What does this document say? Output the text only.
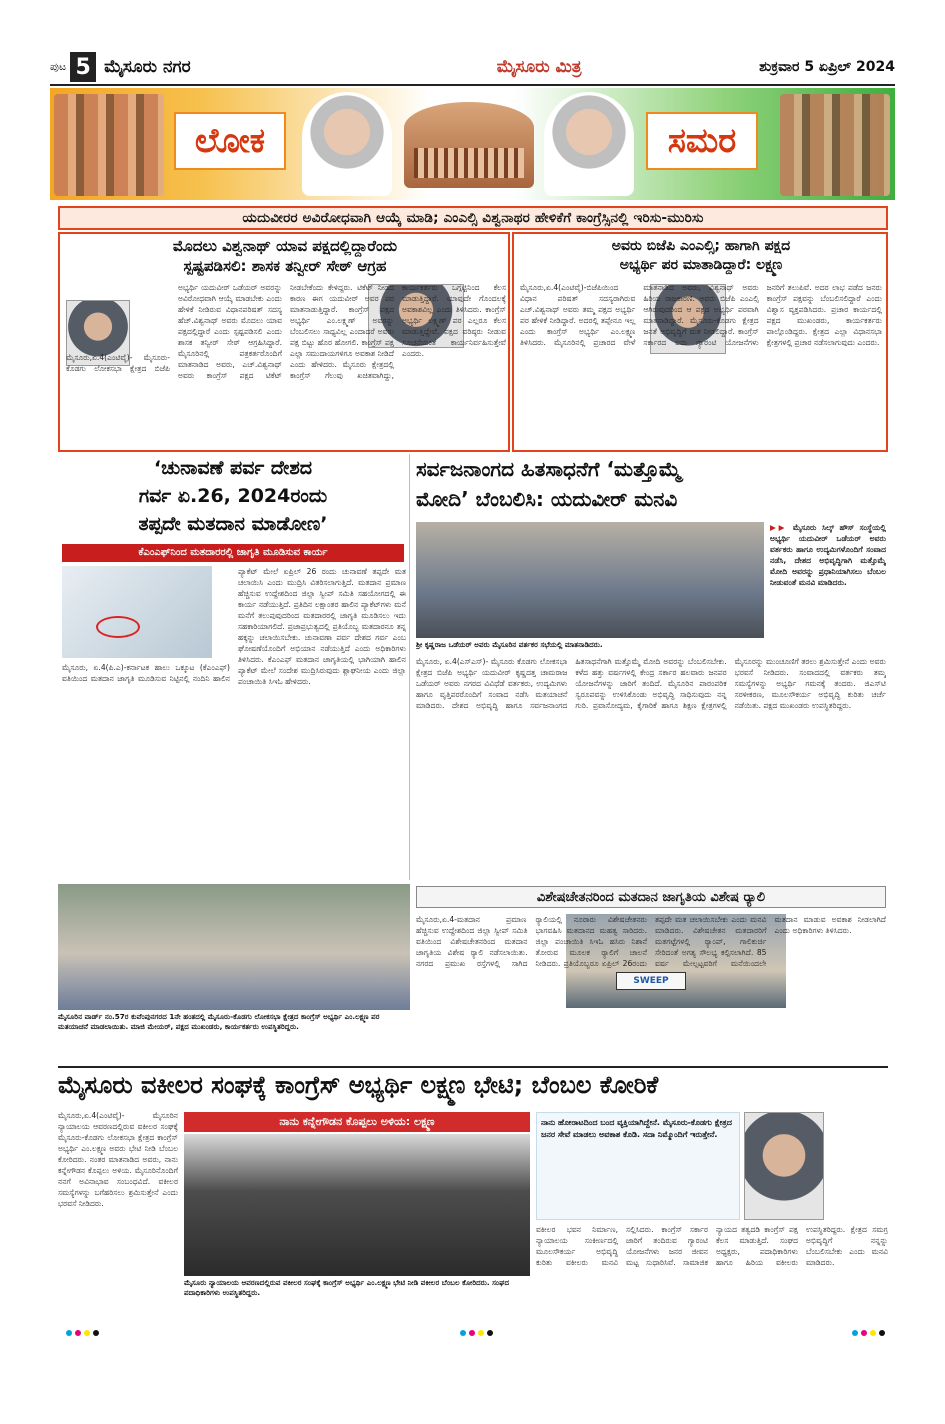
ಪುಟ 5 ಮೈಸೂರು ನಗರ	ಮೈಸೂರು ಮಿತ್ರ	ಶುಕ್ರವಾರ 5 ಏಪ್ರಿಲ್ 2024
ಲೋಕ	ಸಮರ
ಯದುವೀರರ ಅವಿರೋಧವಾಗಿ ಆಯ್ಕೆ ಮಾಡಿ; ಎಂಎಲ್ಸಿ ವಿಶ್ವನಾಥರ ಹೇಳಿಕೆಗೆ ಕಾಂಗ್ರೆಸ್ಸಿನಲ್ಲಿ ಇರಿಸು-ಮುರಿಸು
ಮೊದಲು ವಿಶ್ವನಾಥ್ ಯಾವ ಪಕ್ಷದಲ್ಲಿದ್ದಾರೆಂದು
ಸ್ಪಷ್ಟಪಡಿಸಲಿ: ಶಾಸಕ ತನ್ವೀರ್ ಸೇಠ್ ಆಗ್ರಹ
ಮೈಸೂರು,ಏ.4(ಎಂಟಿವೈ)- ಮೈಸೂರು-ಕೊಡಗು ಲೋಕಸಭಾ ಕ್ಷೇತ್ರದ ಬಿಜೆಪಿ ಅಭ್ಯರ್ಥಿ ಯದುವೀರ್ ಒಡೆಯರ್ ಅವರನ್ನು ಅವಿರೋಧವಾಗಿ ಆಯ್ಕೆ ಮಾಡಬೇಕು ಎಂದು ಹೇಳಿಕೆ ನೀಡಿರುವ ವಿಧಾನಪರಿಷತ್ ಸದಸ್ಯ ಹೆಚ್.ವಿಶ್ವನಾಥ್ ಅವರು ಮೊದಲು ಯಾವ ಪಕ್ಷದಲ್ಲಿದ್ದಾರೆ ಎಂದು ಸ್ಪಷ್ಟಪಡಿಸಲಿ ಎಂದು ಶಾಸಕ ತನ್ವೀರ್ ಸೇಠ್ ಆಗ್ರಹಿಸಿದ್ದಾರೆ. ಮೈಸೂರಿನಲ್ಲಿ ಪತ್ರಕರ್ತರೊಂದಿಗೆ ಮಾತನಾಡಿದ ಅವರು, ಎಚ್.ವಿಶ್ವನಾಥ್ ಅವರು ಕಾಂಗ್ರೆಸ್ ಪಕ್ಷದ ಟಿಕೆಟ್ ನೀಡಬೇಕೆಂದು ಕೇಳಿದ್ದರು. ಟಿಕೆಟ್ ನೀಡದ ಕಾರಣ ಈಗ ಯದುವೀರ್ ಅವರ ಪರ ಮಾತನಾಡುತ್ತಿದ್ದಾರೆ. ಕಾಂಗ್ರೆಸ್ ಪಕ್ಷದ ಅಭ್ಯರ್ಥಿ ಎಂ.ಲಕ್ಷ್ಮಣ್ ಅವರನ್ನು ಬೆಂಬಲಿಸಲು ಸಾಧ್ಯವಿಲ್ಲ ಎಂದಾದರೆ ಅವರು ಪಕ್ಷ ಬಿಟ್ಟು ಹೊರ ಹೋಗಲಿ. ಕಾಂಗ್ರೆಸ್ ಪಕ್ಷ ಎಲ್ಲಾ ಸಮುದಾಯಗಳಿಗೂ ಅವಕಾಶ ನೀಡಿದೆ ಎಂದು ಹೇಳಿದರು. ಮೈಸೂರು ಕ್ಷೇತ್ರದಲ್ಲಿ ಕಾಂಗ್ರೆಸ್ ಗೆಲುವು ಖಚಿತವಾಗಿದ್ದು, ಕಾರ್ಯಕರ್ತರು ಒಗ್ಗಟ್ಟಿನಿಂದ ಕೆಲಸ ಮಾಡುತ್ತಿದ್ದಾರೆ. ಯಾವುದೇ ಗೊಂದಲಕ್ಕೆ ಅವಕಾಶವಿಲ್ಲ ಎಂದು ತಿಳಿಸಿದರು. ಕಾಂಗ್ರೆಸ್ ಅಭ್ಯರ್ಥಿ ಲಕ್ಷ್ಮಣ್ ಪರ ಎಲ್ಲರೂ ಕೆಲಸ ಮಾಡುತ್ತಿದ್ದೇವೆ. ಪಕ್ಷದ ವರಿಷ್ಠರು ನೀಡುವ ಸೂಚನೆಯಂತೆ ಕಾರ್ಯನಿರ್ವಹಿಸುತ್ತೇವೆ ಎಂದರು.
ಅವರು ಬಿಜೆಪಿ ಎಂಎಲ್ಸಿ; ಹಾಗಾಗಿ ಪಕ್ಷದ
ಅಭ್ಯರ್ಥಿ ಪರ ಮಾತಾಡಿದ್ದಾರೆ: ಲಕ್ಷ್ಮಣ
ಮೈಸೂರು,ಏ.4(ಎಂಟಿವೈ)-ಬಿಜೆಪಿಯಿಂದ ವಿಧಾನ ಪರಿಷತ್ ಸದಸ್ಯರಾಗಿರುವ ಎಚ್.ವಿಶ್ವನಾಥ್ ಅವರು ತಮ್ಮ ಪಕ್ಷದ ಅಭ್ಯರ್ಥಿ ಪರ ಹೇಳಿಕೆ ನೀಡಿದ್ದಾರೆ. ಅದರಲ್ಲಿ ತಪ್ಪೇನೂ ಇಲ್ಲ ಎಂದು ಕಾಂಗ್ರೆಸ್ ಅಭ್ಯರ್ಥಿ ಎಂ.ಲಕ್ಷ್ಮಣ ತಿಳಿಸಿದರು. ಮೈಸೂರಿನಲ್ಲಿ ಪ್ರಚಾರದ ವೇಳೆ ಮಾತನಾಡಿದ ಅವರು, ವಿಶ್ವನಾಥ್ ಅವರು ಹಿರಿಯ ರಾಜಕಾರಣಿ. ಅವರು ಬಿಜೆಪಿ ಎಂಎಲ್ಸಿ ಆಗಿರುವುದರಿಂದ ಆ ಪಕ್ಷದ ಅಭ್ಯರ್ಥಿ ಪರವಾಗಿ ಮಾತನಾಡಿದ್ದಾರೆ. ಮೈಸೂರು-ಕೊಡಗು ಕ್ಷೇತ್ರದ ಜನತೆ ಅಭಿವೃದ್ಧಿಗೆ ಮತ ನೀಡಲಿದ್ದಾರೆ. ಕಾಂಗ್ರೆಸ್ ಸರ್ಕಾರದ ಐದು ಗ್ಯಾರಂಟಿ ಯೋಜನೆಗಳು ಜನರಿಗೆ ತಲುಪಿವೆ. ಅದರ ಲಾಭ ಪಡೆದ ಜನರು ಕಾಂಗ್ರೆಸ್ ಪಕ್ಷವನ್ನು ಬೆಂಬಲಿಸಲಿದ್ದಾರೆ ಎಂದು ವಿಶ್ವಾಸ ವ್ಯಕ್ತಪಡಿಸಿದರು. ಪ್ರಚಾರ ಕಾರ್ಯದಲ್ಲಿ ಪಕ್ಷದ ಮುಖಂಡರು, ಕಾರ್ಯಕರ್ತರು ಪಾಲ್ಗೊಂಡಿದ್ದರು. ಕ್ಷೇತ್ರದ ಎಲ್ಲಾ ವಿಧಾನಸಭಾ ಕ್ಷೇತ್ರಗಳಲ್ಲಿ ಪ್ರಚಾರ ನಡೆಸಲಾಗುವುದು ಎಂದರು.
‘ಚುನಾವಣೆ ಪರ್ವ ದೇಶದ
ಗರ್ವ ಏ.26, 2024ರಂದು
ತಪ್ಪದೇ ಮತದಾನ ಮಾಡೋಣ’
ಕೆಎಂಎಫ್‌ನಿಂದ ಮತದಾರರಲ್ಲಿ ಜಾಗೃತಿ ಮೂಡಿಸುವ ಕಾರ್ಯ
ಮೈಸೂರು, ಏ.4(ಪಿ.ಎ)-ಕರ್ನಾಟಕ ಹಾಲು ಒಕ್ಕೂಟ (ಕೆಎಂಎಫ್) ವತಿಯಿಂದ ಮತದಾನ ಜಾಗೃತಿ ಮೂಡಿಸುವ ನಿಟ್ಟಿನಲ್ಲಿ ನಂದಿನಿ ಹಾಲಿನ ಪ್ಯಾಕೆಟ್ ಮೇಲೆ ಏಪ್ರಿಲ್ 26 ರಂದು ಚುನಾವಣೆ ತಪ್ಪದೇ ಮತ ಚಲಾಯಿಸಿ ಎಂದು ಮುದ್ರಿಸಿ ವಿತರಿಸಲಾಗುತ್ತಿದೆ. ಮತದಾನ ಪ್ರಮಾಣ ಹೆಚ್ಚಿಸುವ ಉದ್ದೇಶದಿಂದ ಜಿಲ್ಲಾ ಸ್ವೀಪ್ ಸಮಿತಿ ಸಹಯೋಗದಲ್ಲಿ ಈ ಕಾರ್ಯ ನಡೆಯುತ್ತಿದೆ. ಪ್ರತಿದಿನ ಲಕ್ಷಾಂತರ ಹಾಲಿನ ಪ್ಯಾಕೆಟ್‌ಗಳು ಮನೆ ಮನೆಗೆ ತಲುಪುವುದರಿಂದ ಮತದಾರರಲ್ಲಿ ಜಾಗೃತಿ ಮೂಡಿಸಲು ಇದು ಸಹಕಾರಿಯಾಗಲಿದೆ. ಪ್ರಜಾಪ್ರಭುತ್ವದಲ್ಲಿ ಪ್ರತಿಯೊಬ್ಬ ಮತದಾರನೂ ತನ್ನ ಹಕ್ಕನ್ನು ಚಲಾಯಿಸಬೇಕು. ಚುನಾವಣಾ ಪರ್ವ ದೇಶದ ಗರ್ವ ಎಂಬ ಘೋಷಣೆಯೊಂದಿಗೆ ಅಭಿಯಾನ ನಡೆಯುತ್ತಿದೆ ಎಂದು ಅಧಿಕಾರಿಗಳು ತಿಳಿಸಿದರು. ಕೆಎಂಎಫ್ ಮತದಾನ ಜಾಗೃತಿಯಲ್ಲಿ ಭಾಗಿಯಾಗಿ ಹಾಲಿನ ಪ್ಯಾಕೆಟ್ ಮೇಲೆ ಸಂದೇಶ ಮುದ್ರಿಸಿರುವುದು ಶ್ಲಾಘನೀಯ ಎಂದು ಜಿಲ್ಲಾ ಪಂಚಾಯಿತಿ ಸಿಇಓ ಹೇಳಿದರು.
ಮೈಸೂರಿನ ವಾರ್ಡ್ ನಂ.57ರ ಕುವೆಂಪುನಗರದ 1ನೇ ಹಂತದಲ್ಲಿ ಮೈಸೂರು-ಕೊಡಗು ಲೋಕಸಭಾ ಕ್ಷೇತ್ರದ ಕಾಂಗ್ರೆಸ್ ಅಭ್ಯರ್ಥಿ ಎಂ.ಲಕ್ಷ್ಮಣ ಪರ ಮತಯಾಚನೆ ಮಾಡಲಾಯಿತು. ಮಾಜಿ ಮೇಯರ್, ಪಕ್ಷದ ಮುಖಂಡರು, ಕಾರ್ಯಕರ್ತರು ಉಪಸ್ಥಿತರಿದ್ದರು.
ಸರ್ವಜನಾಂಗದ ಹಿತಸಾಧನೆಗೆ ‘ಮತ್ತೊಮ್ಮೆ
ಮೋದಿ’ ಬೆಂಬಲಿಸಿ: ಯದುವೀರ್ ಮನವಿ
▶▶ ಮೈಸೂರು ಸಿಲ್ಕ್ ಹೌಸ್ ಸಂಸ್ಥೆಯಲ್ಲಿ ಅಭ್ಯರ್ಥಿ ಯದುವೀರ್ ಒಡೆಯರ್ ಅವರು ವರ್ತಕರು ಹಾಗೂ ಉದ್ಯಮಿಗಳೊಂದಿಗೆ ಸಂವಾದ ನಡೆಸಿ, ದೇಶದ ಅಭಿವೃದ್ಧಿಗಾಗಿ ಮತ್ತೊಮ್ಮೆ ಮೋದಿ ಅವರನ್ನು ಪ್ರಧಾನಿಯಾಗಿಸಲು ಬೆಂಬಲ ನೀಡುವಂತೆ ಮನವಿ ಮಾಡಿದರು.
ಶ್ರೀ ಕೃಷ್ಣರಾಜ ಒಡೆಯರ್ ಅವರು ಮೈಸೂರಿನ ವರ್ತಕರ ಸಭೆಯಲ್ಲಿ ಮಾತನಾಡಿದರು.
ಮೈಸೂರು, ಏ.4(ಎಸ್‌ಎಸ್)- ಮೈಸೂರು ಕೊಡಗು ಲೋಕಸಭಾ ಕ್ಷೇತ್ರದ ಬಿಜೆಪಿ ಅಭ್ಯರ್ಥಿ ಯದುವೀರ್ ಕೃಷ್ಣದತ್ತ ಚಾಮರಾಜ ಒಡೆಯರ್ ಅವರು ನಗರದ ವಿವಿಧೆಡೆ ವರ್ತಕರು, ಉದ್ಯಮಿಗಳು ಹಾಗೂ ವೃತ್ತಿಪರರೊಂದಿಗೆ ಸಂವಾದ ನಡೆಸಿ ಮತಯಾಚನೆ ಮಾಡಿದರು. ದೇಶದ ಅಭಿವೃದ್ಧಿ ಹಾಗೂ ಸರ್ವಜನಾಂಗದ ಹಿತಸಾಧನೆಗಾಗಿ ಮತ್ತೊಮ್ಮೆ ಮೋದಿ ಅವರನ್ನು ಬೆಂಬಲಿಸಬೇಕು. ಕಳೆದ ಹತ್ತು ವರ್ಷಗಳಲ್ಲಿ ಕೇಂದ್ರ ಸರ್ಕಾರ ಹಲವಾರು ಜನಪರ ಯೋಜನೆಗಳನ್ನು ಜಾರಿಗೆ ತಂದಿದೆ. ಮೈಸೂರಿನ ಪಾರಂಪರಿಕ ಸ್ವರೂಪವನ್ನು ಉಳಿಸಿಕೊಂಡು ಅಭಿವೃದ್ಧಿ ಸಾಧಿಸುವುದು ನನ್ನ ಗುರಿ. ಪ್ರವಾಸೋದ್ಯಮ, ಕೈಗಾರಿಕೆ ಹಾಗೂ ಶಿಕ್ಷಣ ಕ್ಷೇತ್ರಗಳಲ್ಲಿ ಮೈಸೂರನ್ನು ಮುಂಚೂಣಿಗೆ ತರಲು ಶ್ರಮಿಸುತ್ತೇನೆ ಎಂದು ಅವರು ಭರವಸೆ ನೀಡಿದರು. ಸಂವಾದದಲ್ಲಿ ವರ್ತಕರು ತಮ್ಮ ಸಮಸ್ಯೆಗಳನ್ನು ಅಭ್ಯರ್ಥಿ ಗಮನಕ್ಕೆ ತಂದರು. ಜಿಎಸ್‌ಟಿ ಸರಳೀಕರಣ, ಮೂಲಸೌಕರ್ಯ ಅಭಿವೃದ್ಧಿ ಕುರಿತು ಚರ್ಚೆ ನಡೆಯಿತು. ಪಕ್ಷದ ಮುಖಂಡರು ಉಪಸ್ಥಿತರಿದ್ದರು.
ವಿಶೇಷಚೇತನರಿಂದ ಮತದಾನ ಜಾಗೃತಿಯ ವಿಶೇಷ ರ‍್ಯಾಲಿ
SWEEP
ಮೈಸೂರು,ಏ.4-ಮತದಾನ ಪ್ರಮಾಣ ಹೆಚ್ಚಿಸುವ ಉದ್ದೇಶದಿಂದ ಜಿಲ್ಲಾ ಸ್ವೀಪ್ ಸಮಿತಿ ವತಿಯಿಂದ ವಿಶೇಷಚೇತನರಿಂದ ಮತದಾನ ಜಾಗೃತಿಯ ವಿಶೇಷ ರ‍್ಯಾಲಿ ನಡೆಸಲಾಯಿತು. ನಗರದ ಪ್ರಮುಖ ರಸ್ತೆಗಳಲ್ಲಿ ಸಾಗಿದ ರ‍್ಯಾಲಿಯಲ್ಲಿ ನೂರಾರು ವಿಶೇಷಚೇತನರು ಭಾಗವಹಿಸಿ ಮತದಾನದ ಮಹತ್ವ ಸಾರಿದರು. ಜಿಲ್ಲಾ ಪಂಚಾಯಿತಿ ಸಿಇಓ ಹಸಿರು ನಿಶಾನೆ ತೋರುವ ಮೂಲಕ ರ‍್ಯಾಲಿಗೆ ಚಾಲನೆ ನೀಡಿದರು. ಪ್ರತಿಯೊಬ್ಬರೂ ಏಪ್ರಿಲ್ 26ರಂದು ತಪ್ಪದೇ ಮತ ಚಲಾಯಿಸಬೇಕು ಎಂದು ಮನವಿ ಮಾಡಿದರು. ವಿಶೇಷಚೇತನ ಮತದಾರರಿಗೆ ಮತಗಟ್ಟೆಗಳಲ್ಲಿ ರ‍್ಯಾಂಪ್, ಗಾಲಿಕುರ್ಚಿ ಸೇರಿದಂತೆ ಅಗತ್ಯ ಸೌಲಭ್ಯ ಕಲ್ಪಿಸಲಾಗಿದೆ. 85 ವರ್ಷ ಮೇಲ್ಪಟ್ಟವರಿಗೆ ಮನೆಯಿಂದಲೇ ಮತದಾನ ಮಾಡುವ ಅವಕಾಶ ನೀಡಲಾಗಿದೆ ಎಂದು ಅಧಿಕಾರಿಗಳು ತಿಳಿಸಿದರು.
ಮೈಸೂರು ವಕೀಲರ ಸಂಘಕ್ಕೆ ಕಾಂಗ್ರೆಸ್ ಅಭ್ಯರ್ಥಿ ಲಕ್ಷ್ಮಣ ಭೇಟಿ; ಬೆಂಬಲ ಕೋರಿಕೆ
ಮೈಸೂರು,ಏ.4(ಎಂಟಿವೈ)- ಮೈಸೂರಿನ ನ್ಯಾಯಾಲಯ ಆವರಣದಲ್ಲಿರುವ ವಕೀಲರ ಸಂಘಕ್ಕೆ ಮೈಸೂರು-ಕೊಡಗು ಲೋಕಸಭಾ ಕ್ಷೇತ್ರದ ಕಾಂಗ್ರೆಸ್ ಅಭ್ಯರ್ಥಿ ಎಂ.ಲಕ್ಷ್ಮಣ ಅವರು ಭೇಟಿ ನೀಡಿ ಬೆಂಬಲ ಕೋರಿದರು. ನಂತರ ಮಾತನಾಡಿದ ಅವರು, ನಾನು ಕನ್ನೇಗೌಡನ ಕೊಪ್ಪಲು ಅಳಿಯ. ಮೈಸೂರಿನೊಂದಿಗೆ ನನಗೆ ಅವಿನಾಭಾವ ಸಂಬಂಧವಿದೆ. ವಕೀಲರ ಸಮಸ್ಯೆಗಳನ್ನು ಬಗೆಹರಿಸಲು ಶ್ರಮಿಸುತ್ತೇನೆ ಎಂದು ಭರವಸೆ ನೀಡಿದರು.
ನಾನು ಕನ್ನೇಗೌಡನ ಕೊಪ್ಪಲು ಅಳಿಯ: ಲಕ್ಷ್ಮಣ
ಮೈಸೂರು ನ್ಯಾಯಾಲಯ ಆವರಣದಲ್ಲಿರುವ ವಕೀಲರ ಸಂಘಕ್ಕೆ ಕಾಂಗ್ರೆಸ್ ಅಭ್ಯರ್ಥಿ ಎಂ.ಲಕ್ಷ್ಮಣ ಭೇಟಿ ನೀಡಿ ವಕೀಲರ ಬೆಂಬಲ ಕೋರಿದರು. ಸಂಘದ ಪದಾಧಿಕಾರಿಗಳು ಉಪಸ್ಥಿತರಿದ್ದರು.
ನಾನು ಹೋರಾಟದಿಂದ ಬಂದ ವ್ಯಕ್ತಿಯಾಗಿದ್ದೇನೆ. ಮೈಸೂರು-ಕೊಡಗು ಕ್ಷೇತ್ರದ ಜನರ ಸೇವೆ ಮಾಡಲು ಅವಕಾಶ ಕೊಡಿ. ಸದಾ ನಿಮ್ಮೊಂದಿಗೆ ಇರುತ್ತೇನೆ.
ವಕೀಲರ ಭವನ ನಿರ್ಮಾಣ, ನ್ಯಾಯಾಲಯ ಸಂಕೀರ್ಣದಲ್ಲಿ ಮೂಲಸೌಕರ್ಯ ಅಭಿವೃದ್ಧಿ ಕುರಿತು ವಕೀಲರು ಮನವಿ ಸಲ್ಲಿಸಿದರು. ಕಾಂಗ್ರೆಸ್ ಸರ್ಕಾರ ಜಾರಿಗೆ ತಂದಿರುವ ಗ್ಯಾರಂಟಿ ಯೋಜನೆಗಳು ಜನರ ಜೀವನ ಮಟ್ಟ ಸುಧಾರಿಸಿವೆ. ಸಾಮಾಜಿಕ ನ್ಯಾಯದ ತತ್ವದಡಿ ಕಾಂಗ್ರೆಸ್ ಪಕ್ಷ ಕೆಲಸ ಮಾಡುತ್ತಿದೆ. ಸಂಘದ ಅಧ್ಯಕ್ಷರು, ಪದಾಧಿಕಾರಿಗಳು ಹಾಗೂ ಹಿರಿಯ ವಕೀಲರು ಉಪಸ್ಥಿತರಿದ್ದರು. ಕ್ಷೇತ್ರದ ಸಮಗ್ರ ಅಭಿವೃದ್ಧಿಗೆ ನನ್ನನ್ನು ಬೆಂಬಲಿಸಬೇಕು ಎಂದು ಮನವಿ ಮಾಡಿದರು.
